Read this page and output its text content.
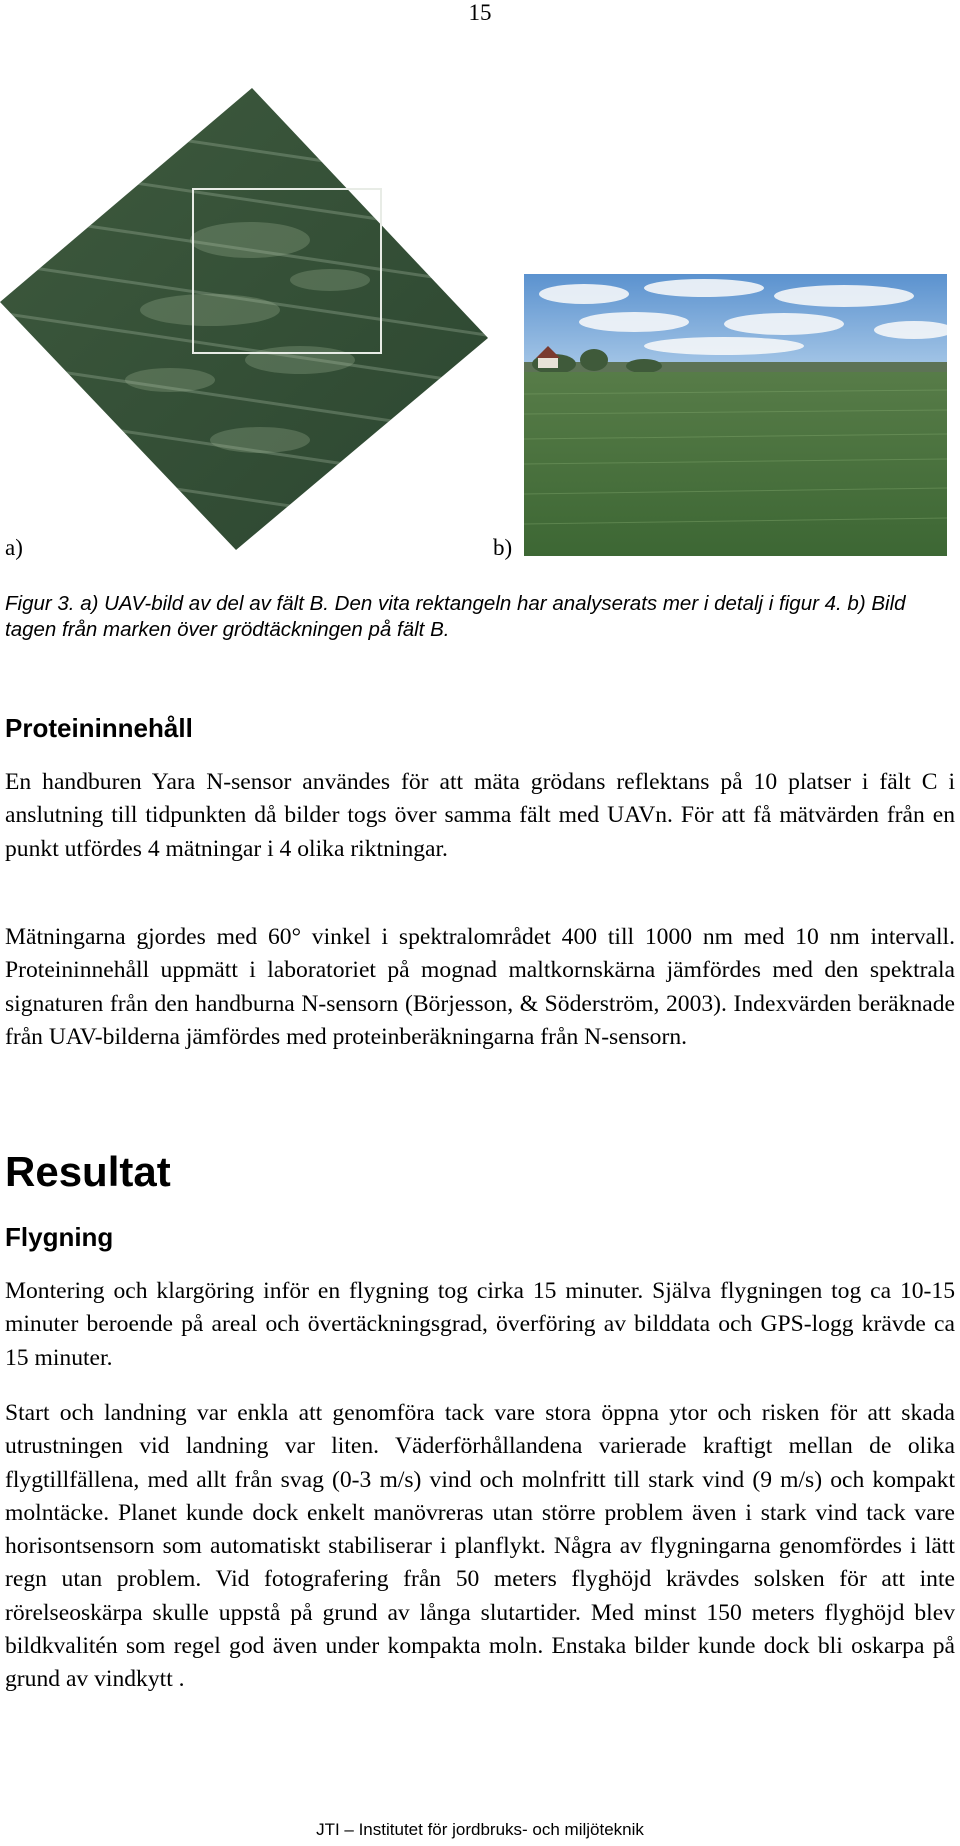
15
a)	b)
Figur 3. a) UAV-bild av del av fält B. Den vita rektangeln har analyserats mer i detalj i figur 4. b) Bild tagen från marken över grödtäckningen på fält B.
Proteininnehåll
En handburen Yara N-sensor användes för att mäta grödans reflektans på 10 platser i fält C i anslutning till tidpunkten då bilder togs över samma fält med UAVn. För att få mätvärden från en punkt utfördes 4 mätningar i 4 olika riktningar.
Mätningarna gjordes med 60° vinkel i spektralområdet 400 till 1000 nm med 10 nm intervall. Proteininnehåll uppmätt i laboratoriet på mognad maltkornskärna jämfördes med den spektrala signaturen från den handburna N-sensorn (Börjesson, & Söderström, 2003). Indexvärden beräknade från UAV-bilderna jämfördes med proteinberäkningarna från N-sensorn.
Resultat
Flygning
Montering och klargöring inför en flygning tog cirka 15 minuter. Själva flygningen tog ca 10-15 minuter beroende på areal och övertäckningsgrad, överföring av bilddata och GPS-logg krävde ca 15 minuter.
Start och landning var enkla att genomföra tack vare stora öppna ytor och risken för att skada utrustningen vid landning var liten. Väderförhållandena varierade kraftigt mellan de olika flygtillfällena, med allt från svag (0-3 m/s) vind och molnfritt till stark vind (9 m/s) och kompakt molntäcke. Planet kunde dock enkelt manövreras utan större problem även i stark vind tack vare horisontsensorn som automatiskt stabiliserar i planflykt. Några av flygningarna genomfördes i lätt regn utan problem. Vid fotografering från 50 meters flyghöjd krävdes solsken för att inte rörelseoskärpa skulle uppstå på grund av långa slutartider. Med minst 150 meters flyghöjd blev bildkvalitén som regel god även under kompakta moln. Enstaka bilder kunde dock bli oskarpa på grund av vindkytt .
JTI – Institutet för jordbruks- och miljöteknik
